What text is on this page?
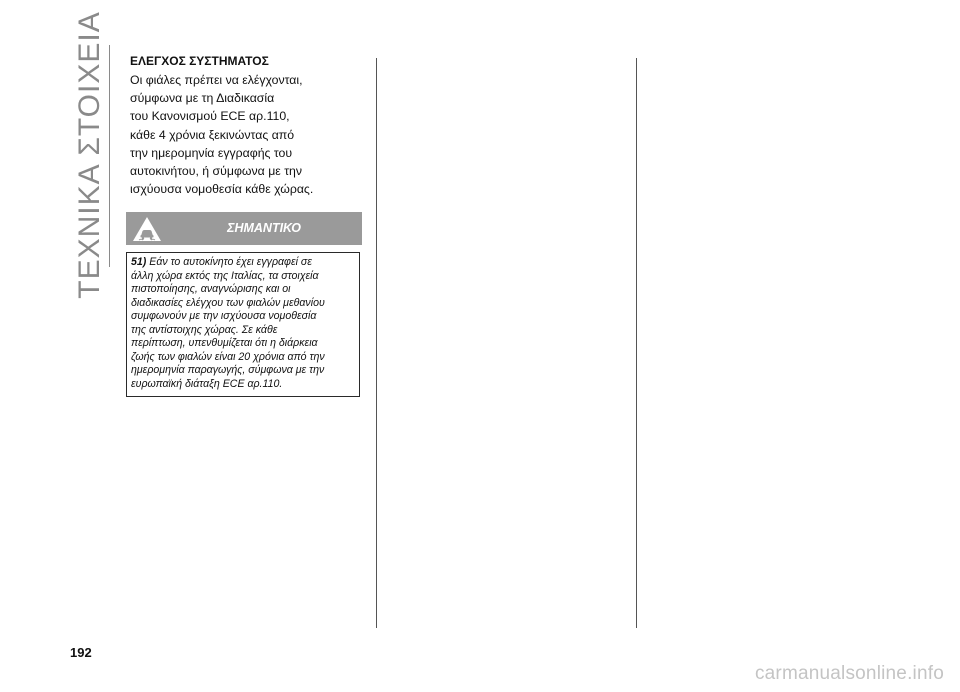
ΤΕΧΝΙΚΑ ΣΤΟΙΧΕΙΑ ΕΛΕΓΧΟΣ ΣΥΣΤΗΜΑΤΟΣ
Οι φιάλες πρέπει να ελέγχονται,
σύμφωνα με τη Διαδικασία
του Κανονισμού ECE αρ.110,
κάθε 4 χρόνια ξεκινώντας από
την ημερομηνία εγγραφής του
αυτοκινήτου, ή σύμφωνα με την
ισχύουσα νομοθεσία κάθε χώρας.
ΣΗΜΑΝΤΙΚΟ
51) Εάν το αυτοκίνητο έχει εγγραφεί σε
άλλη χώρα εκτός της Ιταλίας, τα στοιχεία
πιστοποίησης, αναγνώρισης και οι
διαδικασίες ελέγχου των φιαλών μεθανίου
συμφωνούν με την ισχύουσα νομοθεσία
της αντίστοιχης χώρας. Σε κάθε
περίπτωση, υπενθυμίζεται ότι η διάρκεια
ζωής των φιαλών είναι 20 χρόνια από την
ημερομηνία παραγωγής, σύμφωνα με την
ευρωπαϊκή διάταξη ECE αρ.110.
192
carmanualsonline.info
